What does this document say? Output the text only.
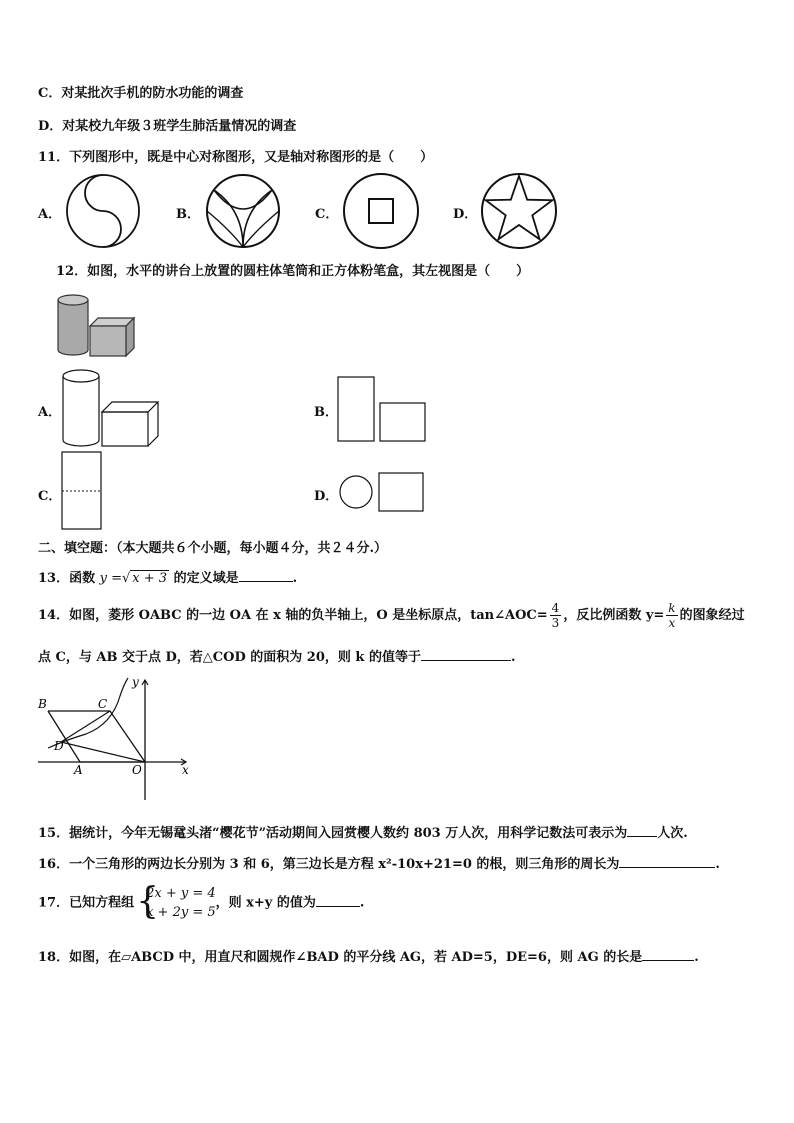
C．对某批次手机的防水功能的调查
D．对某校九年级３班学生肺活量情况的调查
11．下列图形中，既是中心对称图形，又是轴对称图形的是（　　）
A．	B．	C．	D．
12．如图，水平的讲台上放置的圆柱体笔筒和正方体粉笔盒，其左视图是（　　）
A．	B．
C．	D．
二、填空题：（本大题共６个小题，每小题４分，共２４分.）
13．函数 y =√ x + 3 的定义域是	.
14．如图，菱形 OABC 的一边 OA 在 x 轴的负半轴上，O 是坐标原点，tan∠AOC= $\frac{4}{3}$ ，反比例函数 $y= \frac{k}{x}$ 的图象经过
点 C，与 AB 交于点 D，若△COD 的面积为 20，则 k 的值等于	.
B	C
D
A	O	x
y
15．据统计，今年无锡鼋头渚“樱花节”活动期间入园赏樱人数约 803 万人次，用科学记数法可表示为 人次.
16．一个三角形的两边长分别为 3 和 6，第三边长是方程 x²-10x+21=0 的根，则三角形的周长为	.
17．已知方程组 {
2x + y = 4
x + 2y = 5
，则 x+y 的值为	.
18．如图，在▱ABCD 中，用直尺和圆规作∠BAD 的平分线 AG，若 AD=5，DE=6，则 AG 的长是	.
